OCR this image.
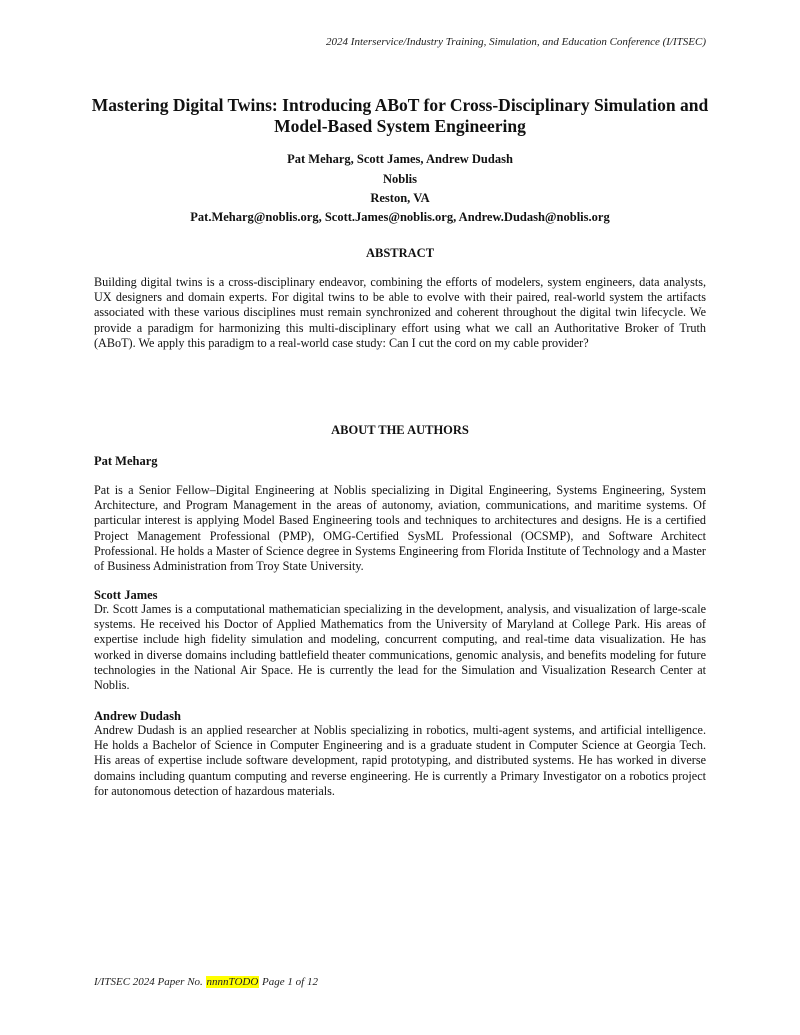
2024 Interservice/Industry Training, Simulation, and Education Conference (I/ITSEC)
Mastering Digital Twins: Introducing ABoT for Cross-Disciplinary Simulation and Model-Based System Engineering
Pat Meharg, Scott James, Andrew Dudash
Noblis
Reston, VA
Pat.Meharg@noblis.org, Scott.James@noblis.org, Andrew.Dudash@noblis.org
ABSTRACT

Building digital twins is a cross-disciplinary endeavor, combining the efforts of modelers, system engineers, data analysts, UX designers and domain experts. For digital twins to be able to evolve with their paired, real-world system the artifacts associated with these various disciplines must remain synchronized and coherent throughout the digital twin lifecycle. We provide a paradigm for harmonizing this multi-disciplinary effort using what we call an Authoritative Broker of Truth (ABoT). We apply this paradigm to a real-world case study: Can I cut the cord on my cable provider?

ABOUT THE AUTHORS
Pat Meharg

Pat is a Senior Fellow–Digital Engineering at Noblis specializing in Digital Engineering, Systems Engineering, System Architecture, and Program Management in the areas of autonomy, aviation, communications, and maritime systems. Of particular interest is applying Model Based Engineering tools and techniques to architectures and designs. He is a certified Project Management Professional (PMP), OMG-Certified SysML Professional (OCSMP), and Software Architect Professional. He holds a Master of Science degree in Systems Engineering from Florida Institute of Technology and a Master of Business Administration from Troy State University.

Scott James

Dr. Scott James is a computational mathematician specializing in the development, analysis, and visualization of large-scale systems. He received his Doctor of Applied Mathematics from the University of Maryland at College Park. His areas of expertise include high fidelity simulation and modeling, concurrent computing, and real-time data visualization. He has worked in diverse domains including battlefield theater communications, genomic analysis, and benefits modeling for future technologies in the National Air Space. He is currently the lead for the Simulation and Visualization Research Center at Noblis.

Andrew Dudash

Andrew Dudash is an applied researcher at Noblis specializing in robotics, multi-agent systems, and artificial intelligence. He holds a Bachelor of Science in Computer Engineering and is a graduate student in Computer Science at Georgia Tech. His areas of expertise include software development, rapid prototyping, and distributed systems. He has worked in diverse domains including quantum computing and reverse engineering. He is currently a Primary Investigator on a robotics project for autonomous detection of hazardous materials.

I/ITSEC 2024 Paper No. nnnnTODO Page 1 of 12
